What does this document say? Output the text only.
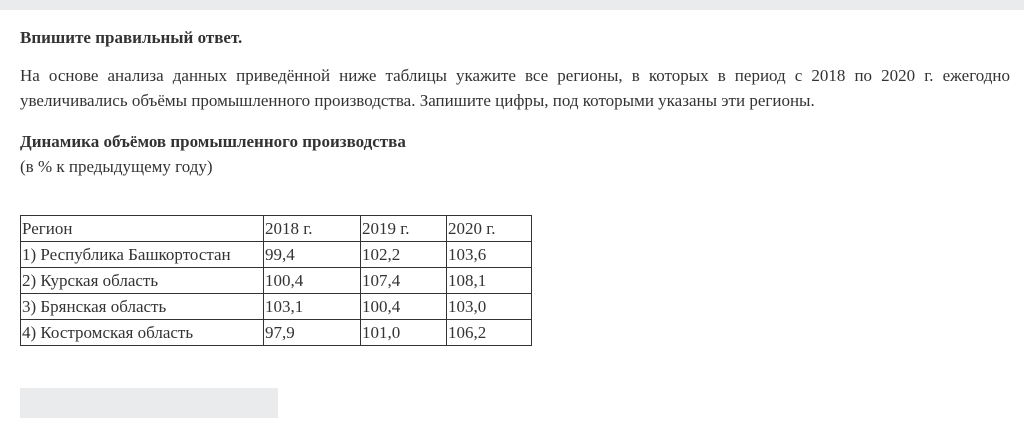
Впишите правильный ответ.

На основе анализа данных приведённой ниже таблицы укажите все регионы, в которых в период с 2018 по 2020 г. ежегодно увеличивались объёмы промышленного производства. Запишите цифры, под которыми указаны эти регионы.

Динамика объёмов промышленного производства

(в % к предыдущему году)

Регион	2018 г.	2019 г.	2020 г.
1) Республика Башкортостан	99,4	102,2	103,6
2) Курская область	100,4	107,4	108,1
3) Брянская область	103,1	100,4	103,0
4) Костромская область	97,9	101,0	106,2
